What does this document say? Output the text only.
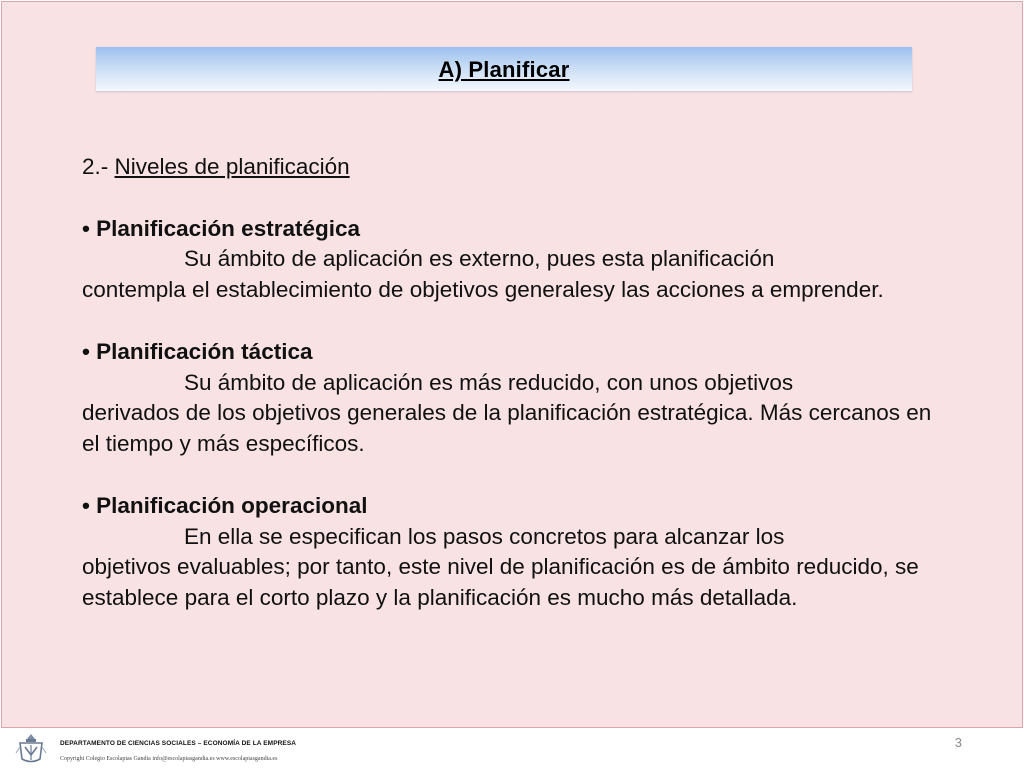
A) Planificar
2.- Niveles de planificación
• Planificación estratégica
Su ámbito de aplicación es externo, pues esta planificación
contempla el establecimiento de objetivos generalesy las acciones a emprender.
• Planificación táctica
Su ámbito de aplicación es más reducido, con unos objetivos
derivados de los objetivos generales de la planificación estratégica. Más cercanos en el tiempo y más específicos.
• Planificación operacional
En ella se especifican los pasos concretos para alcanzar los
objetivos evaluables; por tanto, este nivel de planificación es de ámbito reducido, se establece para el corto plazo y la planificación es mucho más detallada.
DEPARTAMENTO DE CIENCIAS SOCIALES – ECONOMÍA DE LA EMPRESA
Copyright Colegio Escolapias Gandia info@escolapiasgandia.es www.escolapiasgandia.es
3
